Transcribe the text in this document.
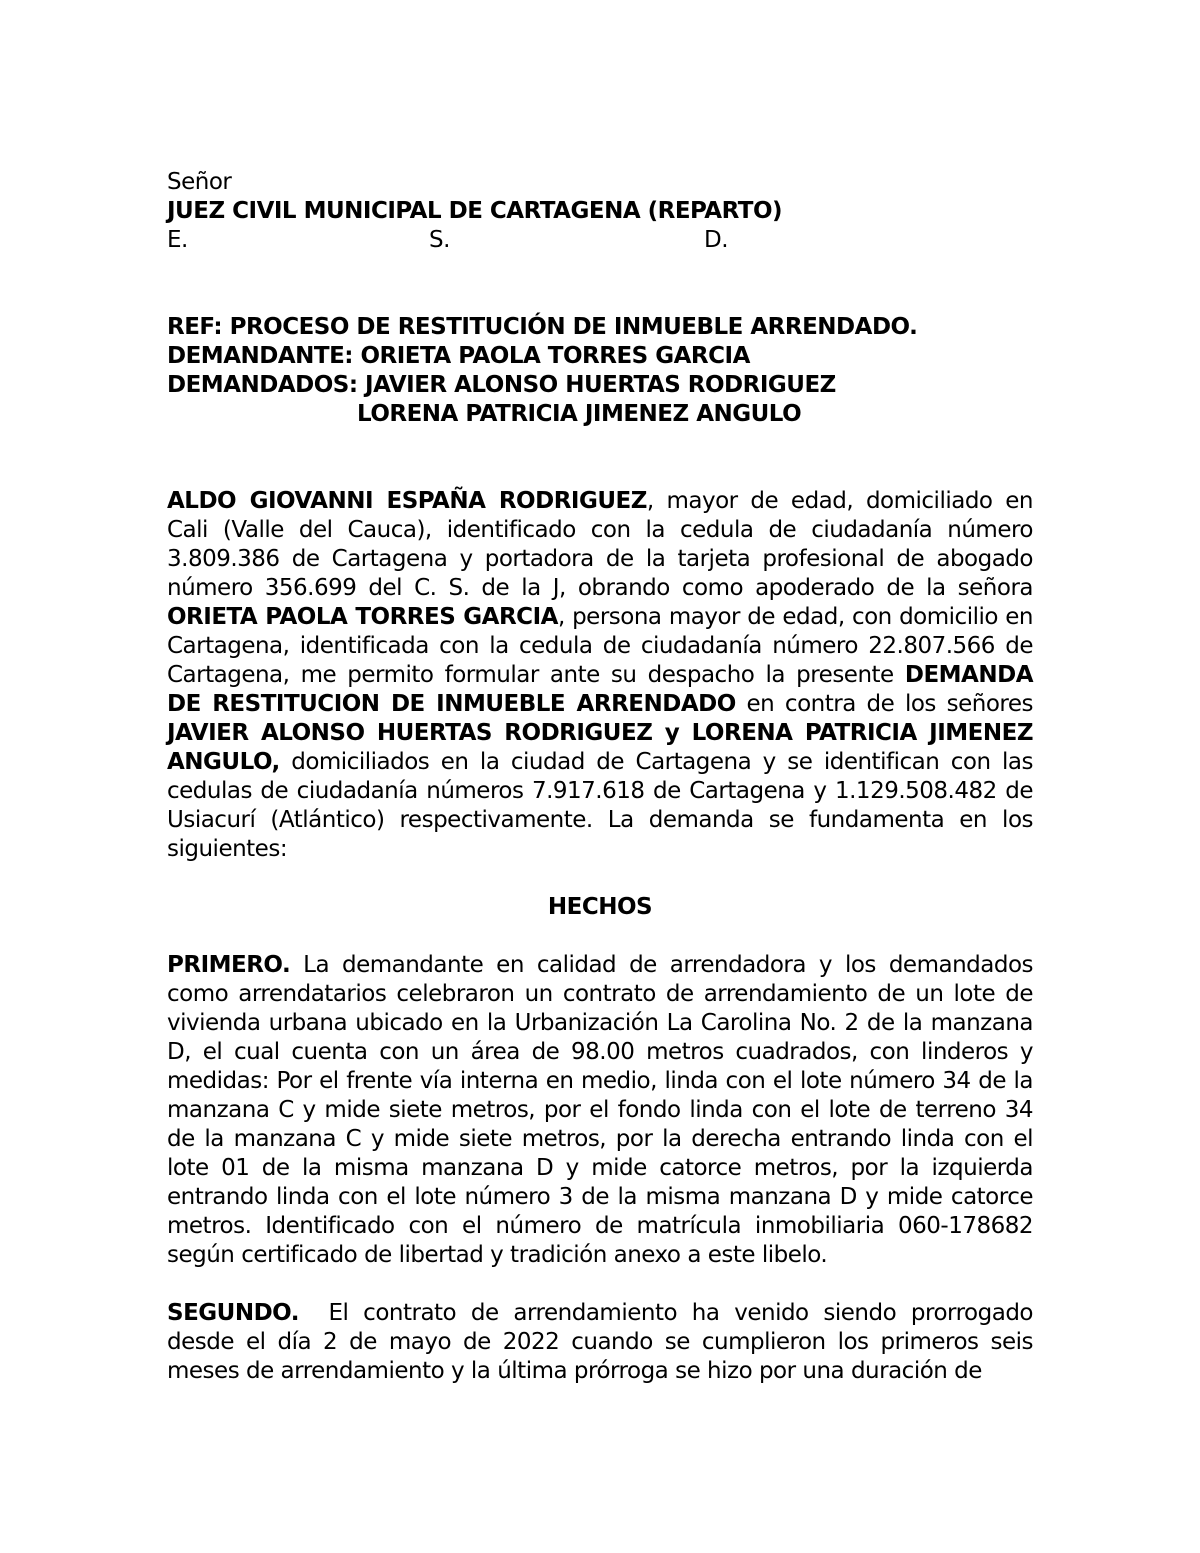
Señor
JUEZ CIVIL MUNICIPAL DE CARTAGENA (REPARTO)
E.	S.	D.
REF: PROCESO DE RESTITUCIÓN DE INMUEBLE ARRENDADO.
DEMANDANTE: ORIETA PAOLA TORRES GARCIA
DEMANDADOS: JAVIER ALONSO HUERTAS RODRIGUEZ
LORENA PATRICIA JIMENEZ ANGULO

ALDO GIOVANNI ESPAÑA RODRIGUEZ, mayor de edad, domiciliado en Cali (Valle del Cauca), identificado con la cedula de ciudadanía número 3.809.386 de Cartagena y portadora de la tarjeta profesional de abogado número 356.699 del C. S. de la J, obrando como apoderado de la señora ORIETA PAOLA TORRES GARCIA, persona mayor de edad, con domicilio en Cartagena, identificada con la cedula de ciudadanía número 22.807.566 de Cartagena, me permito formular ante su despacho la presente DEMANDA DE RESTITUCION DE INMUEBLE ARRENDADO en contra de los señores JAVIER ALONSO HUERTAS RODRIGUEZ y LORENA PATRICIA JIMENEZ ANGULO, domiciliados en la ciudad de Cartagena y se identifican con las cedulas de ciudadanía números 7.917.618 de Cartagena y 1.129.508.482 de Usiacurí (Atlántico) respectivamente. La demanda se fundamenta en los siguientes:

HECHOS

PRIMERO. La demandante en calidad de arrendadora y los demandados como arrendatarios celebraron un contrato de arrendamiento de un lote de vivienda urbana ubicado en la Urbanización La Carolina No. 2 de la manzana D, el cual cuenta con un área de 98.00 metros cuadrados, con linderos y medidas: Por el frente vía interna en medio, linda con el lote número 34 de la manzana C y mide siete metros, por el fondo linda con el lote de terreno 34 de la manzana C y mide siete metros, por la derecha entrando linda con el lote 01 de la misma manzana D y mide catorce metros, por la izquierda entrando linda con el lote número 3 de la misma manzana D y mide catorce metros. Identificado con el número de matrícula inmobiliaria 060-178682 según certificado de libertad y tradición anexo a este libelo.

SEGUNDO.  El contrato de arrendamiento ha venido siendo prorrogado desde el día 2 de mayo de 2022 cuando se cumplieron los primeros seis meses de arrendamiento y la última prórroga se hizo por una duración de
